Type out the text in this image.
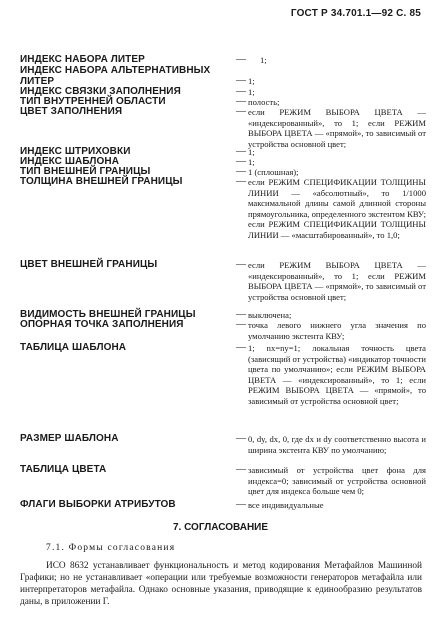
ГОСТ Р 34.701.1—92 С. 85
ИНДЕКС НАБОРА ЛИТЕР	— 1;
ИНДЕКС НАБОРА АЛЬТЕРНАТИВНЫХ ЛИТЕР	— 1;
ИНДЕКС СВЯЗКИ ЗАПОЛНЕНИЯ	— 1;
ТИП ВНУТРЕННЕЙ ОБЛАСТИ	— полость;
ЦВЕТ ЗАПОЛНЕНИЯ	— если РЕЖИМ ВЫБОРА ЦВЕТА — «индексированный», то 1; если РЕЖИМ ВЫБОРА ЦВЕТА — «прямой», то зависимый от устройства основной цвет;
ИНДЕКС ШТРИХОВКИ	— 1;
ИНДЕКС ШАБЛОНА	— 1;
ТИП ВНЕШНЕЙ ГРАНИЦЫ	— 1 (сплошная);
ТОЛЩИНА ВНЕШНЕЙ ГРАНИЦЫ	— если РЕЖИМ СПЕЦИФИКАЦИИ ТОЛЩИНЫ ЛИНИИ — «абсолютный», то 1/1000 максимальной длины самой длинной стороны прямоугольника, определенного экстентом КВУ; если РЕЖИМ СПЕЦИФИКАЦИИ ТОЛЩИНЫ ЛИНИИ — «масштабированный», то 1,0;
ЦВЕТ ВНЕШНЕЙ ГРАНИЦЫ	— если РЕЖИМ ВЫБОРА ЦВЕТА — «индексированный», то 1; если РЕЖИМ ВЫБОРА ЦВЕТА — «прямой», то зависимый от устройства основной цвет;
ВИДИМОСТЬ ВНЕШНЕЙ ГРАНИЦЫ	— выключена;
ОПОРНАЯ ТОЧКА ЗАПОЛНЕНИЯ	— точка левого нижнего угла значения по умолчанию экстента КВУ;
ТАБЛИЦА ШАБЛОНА	— 1; nx=ny=1; локальная точность цвета (зависящий от устройства) «индикатор точности цвета по умолчанию»; если РЕЖИМ ВЫБОРА ЦВЕТА — «индексированный», то 1; если РЕЖИМ ВЫБОРА ЦВЕТА — «прямой», то зависимый от устройства основной цвет;
РАЗМЕР ШАБЛОНА	— 0, dy, dx, 0, где dx и dy соответственно высота и ширина экстента КВУ по умолчанию;
ТАБЛИЦА ЦВЕТА	— зависимый от устройства цвет фона для индекса=0; зависимый от устройства основной цвет для индекса больше чем 0;
ФЛАГИ ВЫБОРКИ АТРИБУТОВ	— все индивидуальные
7. СОГЛАСОВАНИЕ
7.1. Формы согласования
ИСО 8632 устанавливает функциональность и метод кодирования Метафайлов Машинной Графики; но не устанавливает «операции или требуемые возможности генераторов метафайла или интерпретаторов метафайла. Однако основные указания, приводящие к единообразию результатов даны, в приложении Г.
